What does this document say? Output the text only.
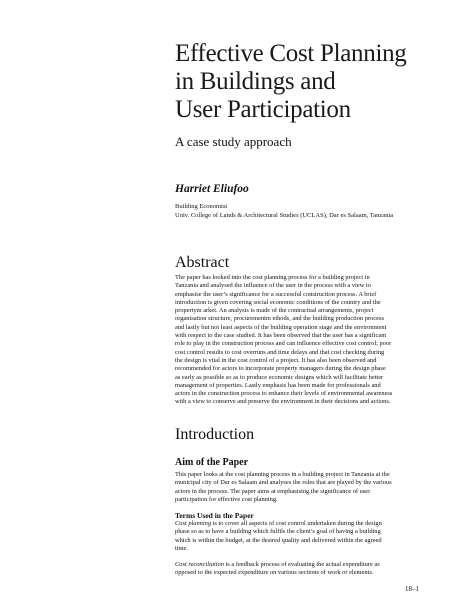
Effective Cost Planning
in Buildings and
User Participation
A case study approach
Harriet Eliufoo
Building Economist
Univ. College of Lands & Architectural Studies (UCLAS), Dar es Salaam, Tanzania
Abstract
The paper has looked into the cost planning process for a building project in
Tanzania and analysed the influence of the user in the process with a view to
emphasise the user’s significance for a successful construction process. A brief
introduction is given covering social economic conditions of the country and the
propertym arket. An analysis is made of the contractual arrangements, project
organisation structure, procurementm ethods, and the building production process
and lastly but not least aspects of the building operation stage and the environment
with respect to the case studied. It has been observed that the user has a significant
role to play in the construction process and can influence effective cost control; poor
cost control results to cost overruns and time delays and that cost checking during
the design is vital in the cost control of a project. It has also been observed and
recommended for actors to incorporate property managers during the design phase
as early as possible so as to produce economic designs which will facilitate better
management of properties. Lastly emphasis has been made for professionals and
actors in the construction process to enhance their levels of environmental awareness
with a view to conserve and preserve the environment in their decisions and actions.
Introduction
Aim of the Paper
This paper looks at the cost planning process in a building project in Tanzania at the
municipal city of Dar es Salaam and analyses the roles that are played by the various
actors in the process. The paper aims at emphasising the significance of user
participation for effective cost planning.
Terms Used in the Paper
Cost planning is to cover all aspects of cost control undertaken during the design
phase so as to have a building which fulfils the client’s goal of having a building
which is within the budget, at the desired quality and delivered within the agreed
time.
Cost reconciliation is a feedback process of evaluating the actual expenditure as
opposed to the expected expenditure on various sections of work or elements.
18–1
